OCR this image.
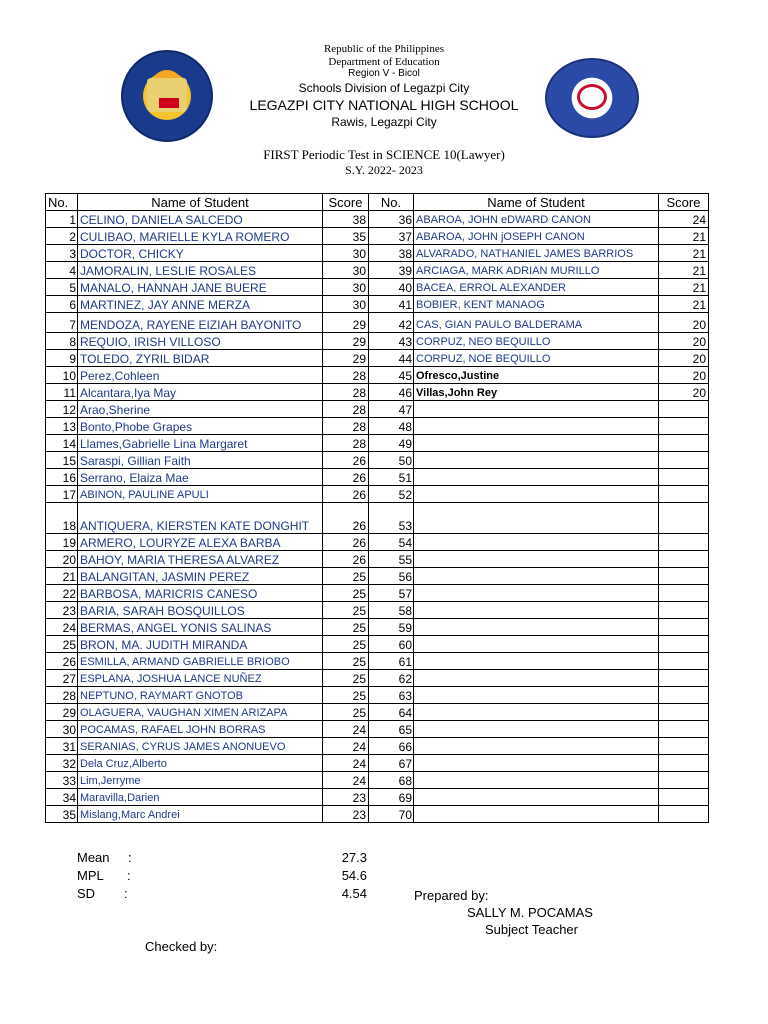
Republic of the Philippines
Department of Education
Region V - Bicol
Schools Division of Legazpi City
LEGAZPI CITY NATIONAL HIGH SCHOOL
Rawis, Legazpi City
FIRST Periodic Test in SCIENCE 10(Lawyer)
S.Y. 2022- 2023
No.	Name of Student	Score	No.	Name of Student	Score
1	CELINO, DANIELA SALCEDO	38	36	ABAROA, JOHN eDWARD CANON	24
2	CULIBAO, MARIELLE KYLA ROMERO	35	37	ABAROA, JOHN jOSEPH CANON	21
3	DOCTOR, CHICKY	30	38	ALVARADO, NATHANIEL JAMES BARRIOS	21
4	JAMORALIN, LESLIE ROSALES	30	39	ARCIAGA, MARK ADRIAN MURILLO	21
5	MANALO, HANNAH JANE BUERE	30	40	BACEA, ERROL ALEXANDER	21
6	MARTINEZ, JAY ANNE MERZA	30	41	BOBIER, KENT MANAOG	21
7	MENDOZA, RAYENE EIZIAH BAYONITO	29	42	CAS, GIAN PAULO BALDERAMA	20
8	REQUIO, IRISH VILLOSO	29	43	CORPUZ, NEO BEQUILLO	20
9	TOLEDO, ZYRIL BIDAR	29	44	CORPUZ, NOE BEQUILLO	20
10	Perez,Cohleen	28	45	Ofresco,Justine	20
11	Alcantara,Iya May	28	46	Villas,John Rey	20
12	Arao,Sherine	28	47		
13	Bonto,Phobe Grapes	28	48		
14	Llames,Gabrielle Lina Margaret	28	49		
15	Saraspi, Gillian Faith	26	50		
16	Serrano, Elaiza Mae	26	51		
17	ABINON, PAULINE APULI	26	52		
18	ANTIQUERA, KIERSTEN KATE DONGHIT	26	53		
19	ARMERO, LOURYZE ALEXA BARBA	26	54		
20	BAHOY, MARIA THERESA ALVAREZ	26	55		
21	BALANGITAN, JASMIN PEREZ	25	56		
22	BARBOSA, MARICRIS CANESO	25	57		
23	BARIA, SARAH BOSQUILLOS	25	58		
24	BERMAS, ANGEL YONIS SALINAS	25	59		
25	BRON, MA. JUDITH MIRANDA	25	60		
26	ESMILLA, ARMAND GABRIELLE BRIOBO	25	61		
27	ESPLANA, JOSHUA LANCE NUÑEZ	25	62		
28	NEPTUNO, RAYMART GNOTOB	25	63		
29	OLAGUERA, VAUGHAN XIMEN ARIZAPA	25	64		
30	POCAMAS, RAFAEL JOHN BORRAS	24	65		
31	SERANIAS, CYRUS JAMES ANONUEVO	24	66		
32	Dela Cruz,Alberto	24	67		
33	Lim,Jerryme	24	68		
34	Maravilla,Darien	23	69		
35	Mislang,Marc Andrei	23	70		
Mean :	27.3
MPL :	54.6
SD :	4.54	Prepared by:
SALLY M. POCAMAS
Subject Teacher
Checked by:
